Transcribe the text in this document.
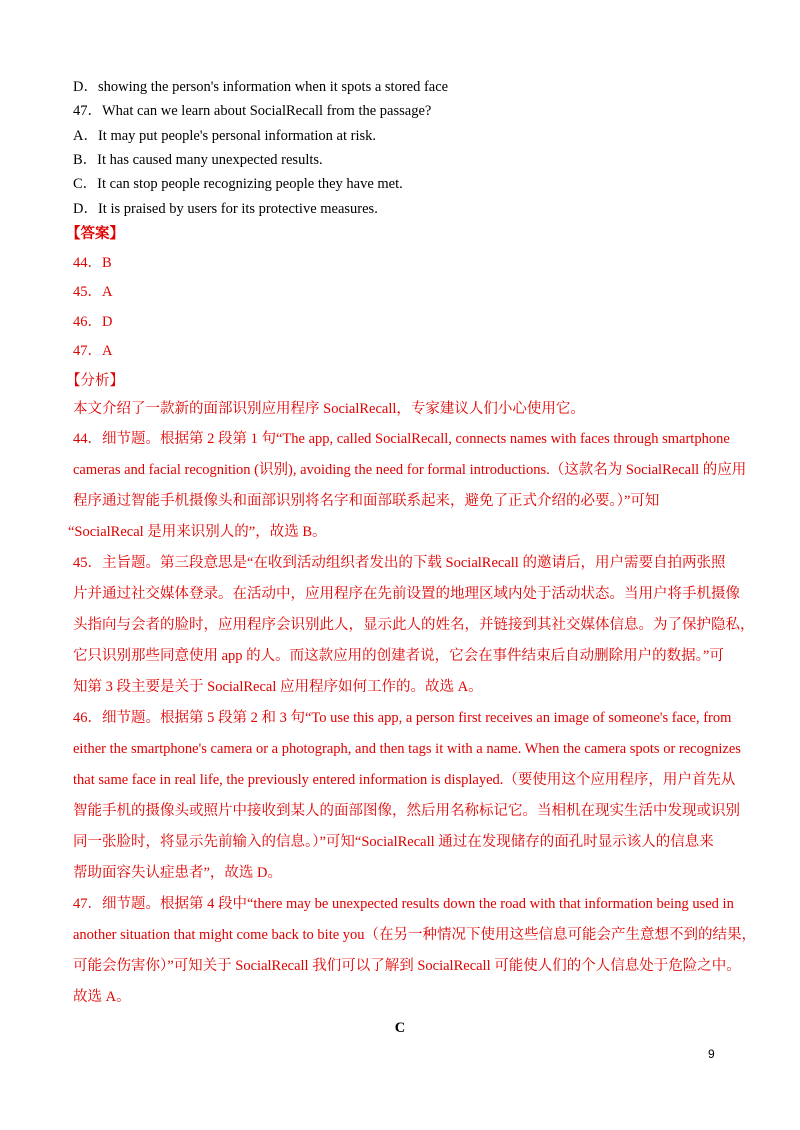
D．showing the person's information when it spots a stored face
47．What can we learn about SocialRecall from the passage?
A．It may put people's personal information at risk.
B．It has caused many unexpected results.
C．It can stop people recognizing people they have met.
D．It is praised by users for its protective measures.
【答案】
44．B
45．A
46．D
47．A
【分析】
本文介绍了一款新的面部识别应用程序 SocialRecall，专家建议人们小心使用它。
44．细节题。根据第 2 段第 1 句“The app, called SocialRecall, connects names with faces through smartphone
cameras and facial recognition (识别), avoiding the need for formal introductions.（这款名为 SocialRecall 的应用
程序通过智能手机摄像头和面部识别将名字和面部联系起来，避免了正式介绍的必要。）”可知
“SocialRecal 是用来识别人的”，故选 B。
45．主旨题。第三段意思是“在收到活动组织者发出的下载 SocialRecall 的邀请后，用户需要自拍两张照
片并通过社交媒体登录。在活动中，应用程序在先前设置的地理区域内处于活动状态。当用户将手机摄像
头指向与会者的脸时，应用程序会识别此人，显示此人的姓名，并链接到其社交媒体信息。为了保护隐私，
它只识别那些同意使用 app 的人。而这款应用的创建者说，它会在事件结束后自动删除用户的数据。”可
知第 3 段主要是关于 SocialRecal 应用程序如何工作的。故选 A。
46．细节题。根据第 5 段第 2 和 3 句“To use this app, a person first receives an image of someone's face, from
either the smartphone's camera or a photograph, and then tags it with a name. When the camera spots or recognizes
that same face in real life, the previously entered information is displayed.（要使用这个应用程序，用户首先从
智能手机的摄像头或照片中接收到某人的面部图像，然后用名称标记它。当相机在现实生活中发现或识别
同一张脸时，将显示先前输入的信息。）”可知“SocialRecall 通过在发现储存的面孔时显示该人的信息来
帮助面容失认症患者”，故选 D。
47．细节题。根据第 4 段中“there may be unexpected results down the road with that information being used in
another situation that might come back to bite you（在另一种情况下使用这些信息可能会产生意想不到的结果，
可能会伤害你）”可知关于 SocialRecall 我们可以了解到 SocialRecall 可能使人们的个人信息处于危险之中。
故选 A。
C
9
